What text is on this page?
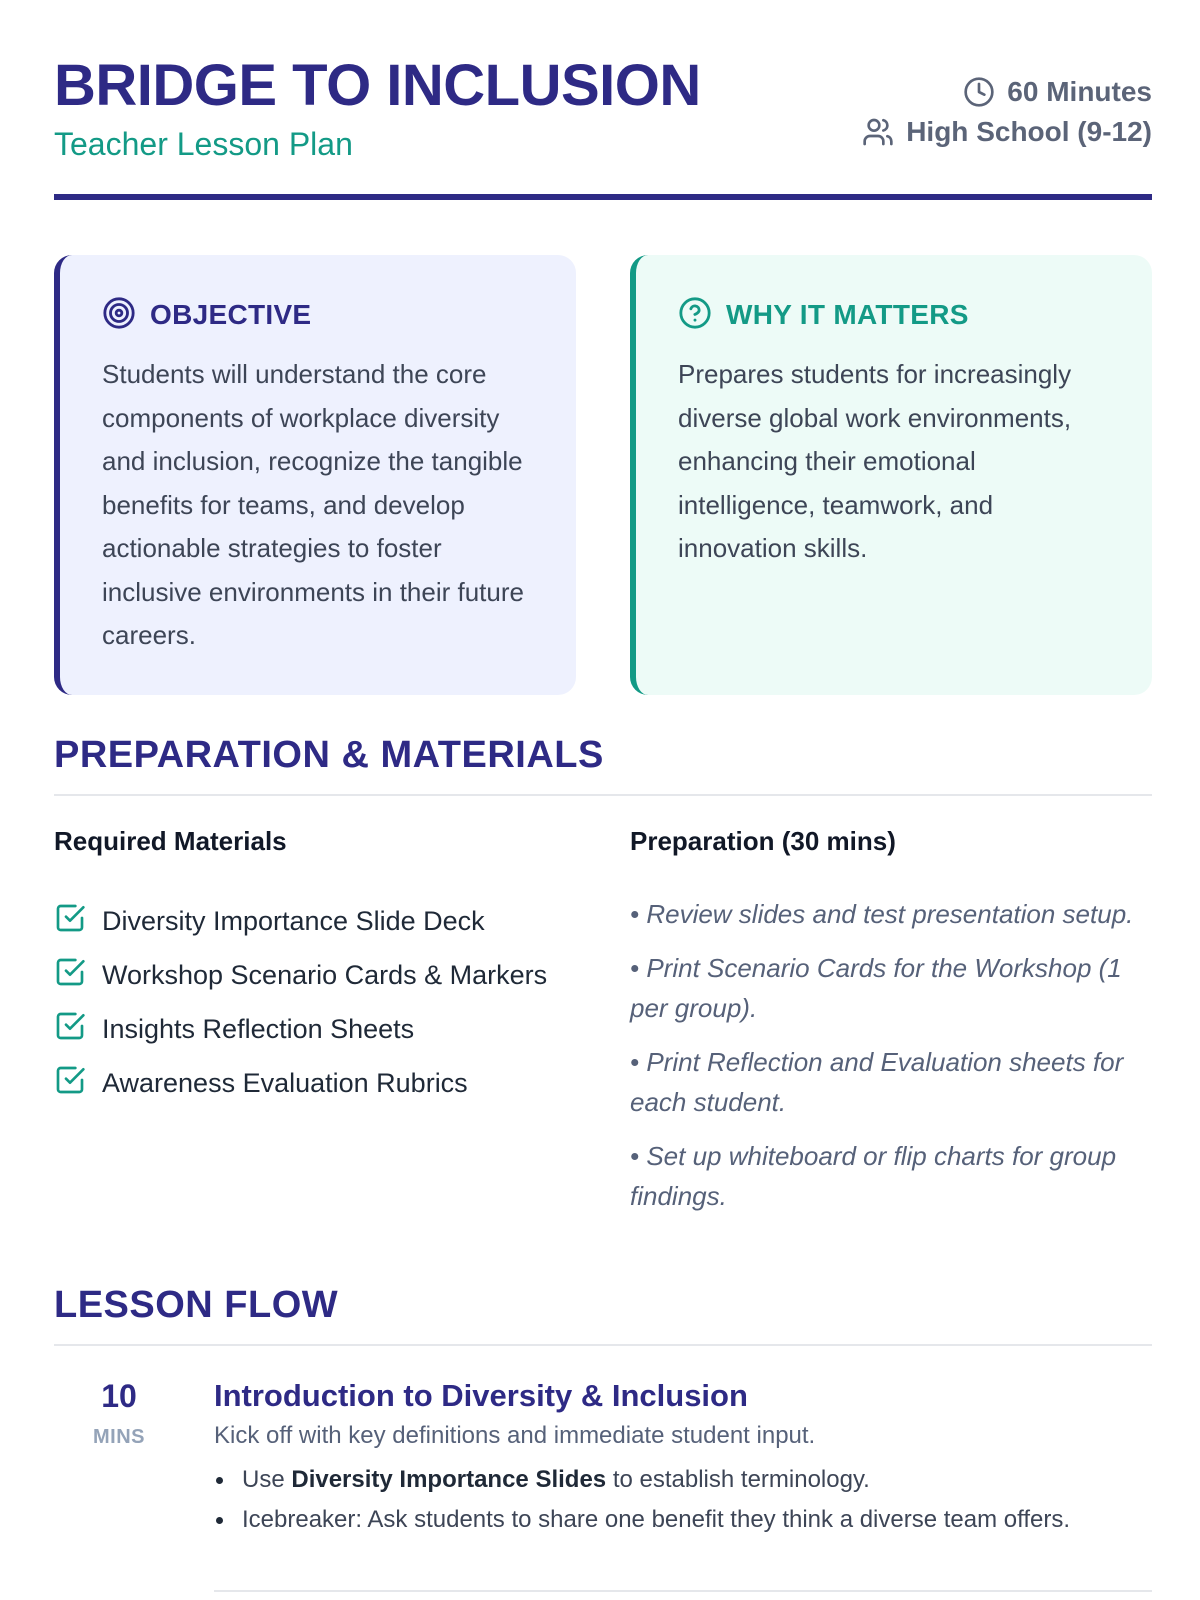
BRIDGE TO INCLUSION
Teacher Lesson Plan
60 Minutes
High School (9-12)
OBJECTIVE

Students will understand the core components of workplace diversity and inclusion, recognize the tangible benefits for teams, and develop actionable strategies to foster inclusive environments in their future careers.

WHY IT MATTERS

Prepares students for increasingly diverse global work environments, enhancing their emotional intelligence, teamwork, and innovation skills.

PREPARATION & MATERIALS
Required Materials	Preparation (30 mins)
Diversity Importance Slide Deck
Workshop Scenario Cards & Markers
Insights Reflection Sheets
Awareness Evaluation Rubrics

• Review slides and test presentation setup.

• Print Scenario Cards for the Workshop (1 per group).

• Print Reflection and Evaluation sheets for each student.

• Set up whiteboard or flip charts for group findings.

LESSON FLOW
10
MINS
Introduction to Diversity & Inclusion
Kick off with key definitions and immediate student input.
Use Diversity Importance Slides to establish terminology.
Icebreaker: Ask students to share one benefit they think a diverse team offers.
